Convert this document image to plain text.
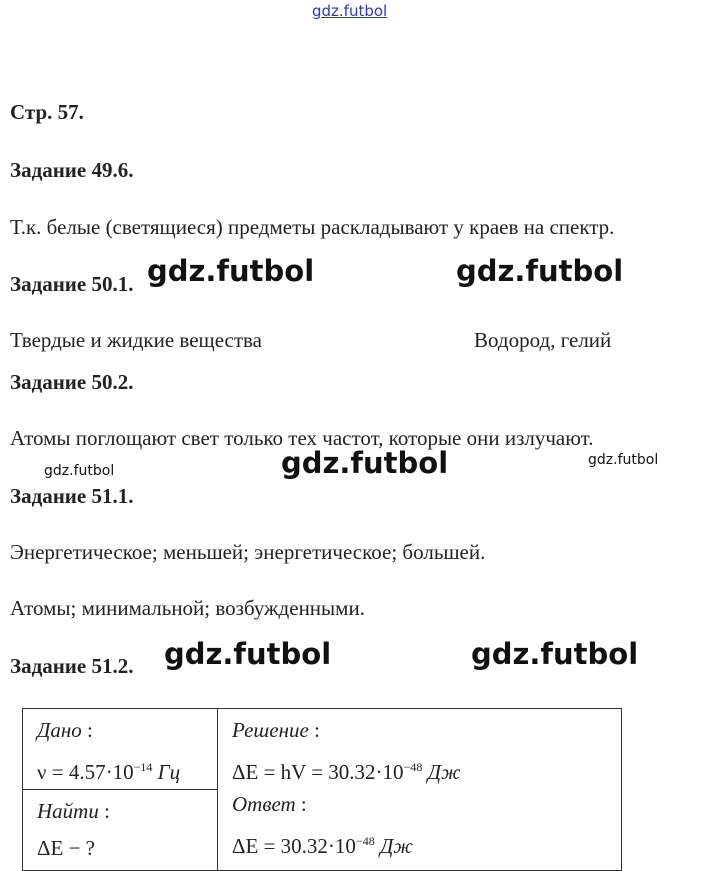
gdz.futbol
Стр. 57.
Задание 49.6.
Т.к. белые (светящиеся) предметы раскладывают у краев на спектр.
Задание 50.1.
Твердые и жидкие вещества	Водород, гелий
Задание 50.2.
Атомы поглощают свет только тех частот, которые они излучают.
Задание 51.1.
Энергетическое; меньшей; энергетическое; большей.
Атомы; минимальной; возбужденными.
Задание 51.2.
gdz.futbol	gdz.futbol
gdz.futbol	gdz.futbol	gdz.futbol
gdz.futbol	gdz.futbol
Дано :
$\nu = 4.57\cdot 10^{-14}$ Гц

Решение :
ΔE = hV = $30.32\cdot 10^{-48}$ Дж
Ответ :
$\Delta E = 30.32\cdot 10^{-48}$ Дж

Найти :
ΔE − ?
